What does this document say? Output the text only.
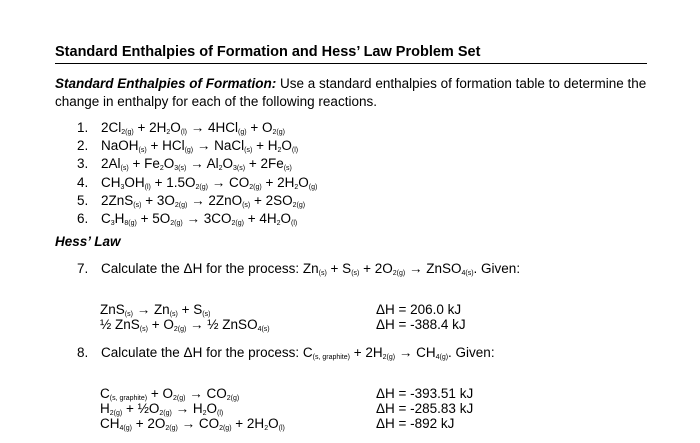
Standard Enthalpies of Formation and Hess’ Law Problem Set
Standard Enthalpies of Formation: Use a standard enthalpies of formation table to determine the change in enthalpy for each of the following reactions.
1. $2Cl_{2(g)} + 2H_2O_{(l)} \to 4HCl_{(g)} + O_{2(g)}$
2. NaOH$_{(s)}$ + HCl$_{(g)}$ → NaCl$_{(s)}$ + $H_2O_{(l)}$
3. $2Al_{(s)} + Fe_2O_{3(s)} \to Al_2O_{3(s)} + 2Fe_{(s)}$
4. $CH_3OH_{(l)} + 1.5O_{2(g)} \to CO_{2(g)} + 2H_2O_{(g)}$
5. $2ZnS_{(s)} + 3O_{2(g)} \to 2ZnO_{(s)} + 2SO_{2(g)}$
6. $C_3H_{8(g)} + 5O_{2(g)} \to 3CO_{2(g)} + 4H_2O_{(l)}$
Hess’ Law
7. Calculate the ΔH for the process: $Zn_{(s)} + S_{(s)} + 2O_{2(g)}$ → ZnSO$_{4(s)}$. Given:
$ZnS_{(s)} \to Zn_{(s)} + S_{(s)}$
½ $ZnS_{(s)} + O_{2(g)}$ → ½ ZnSO$_{4(s)}$
ΔH = 206.0 kJ
ΔH = -388.4 kJ
8. Calculate the ΔH for the process: $C_{(s, graphite)} + 2H_{2(g)} \to CH_{4(g)}$. Given:
$C_{(s, graphite)} + O_{2(g)} \to CO_{2(g)}$
$H_{2(g)}$ + $\frac{1}{2}O_{2(g)} \to H_2O_{(l)}$
$CH_{4(g)} + 2O_{2(g)} \to CO_{2(g)} + 2H_2O_{(l)}$
ΔH = -393.51 kJ
ΔH = -285.83 kJ
ΔH = -892 kJ
